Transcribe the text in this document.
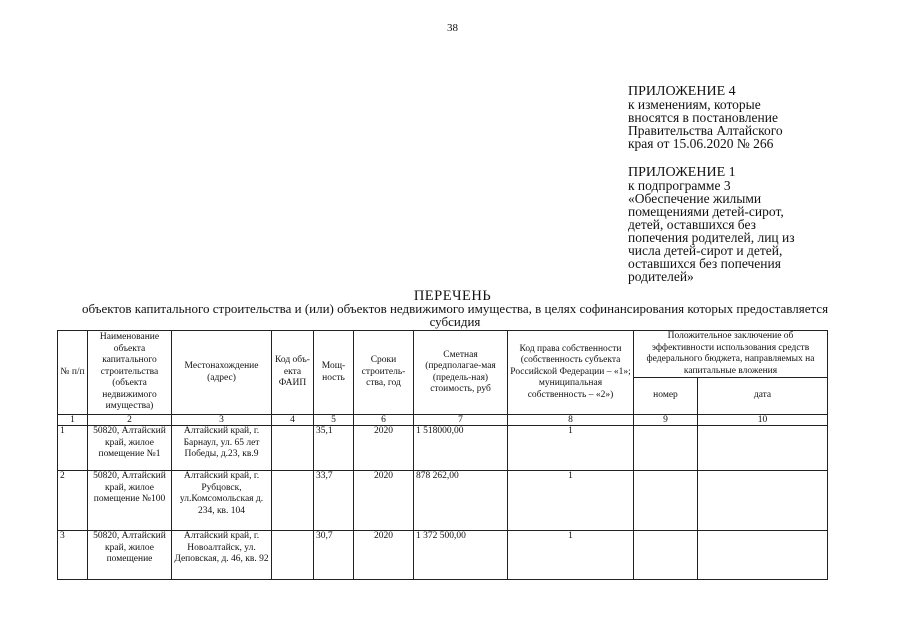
38
ПРИЛОЖЕНИЕ 4
к изменениям, которые
вносятся в постановление
Правительства Алтайского
края от 15.06.2020 № 266
ПРИЛОЖЕНИЕ 1
к подпрограмме 3
«Обеспечение жилыми
помещениями детей-сирот,
детей, оставшихся без
попечения родителей, лиц из
числа детей-сирот и детей,
оставшихся без попечения
родителей»
ПЕРЕЧЕНЬ
объектов капитального строительства и (или) объектов недвижимого имущества, в целях софинансирования которых предоставляется субсидия
№ п/п	Наименование объекта капитального строительства (объекта недвижимого имущества)	Местонахождение (адрес)	Код объ-екта ФАИП	Мощ-ность	Сроки строитель-ства, год	Сметная (предполагае-мая (предель-ная) стоимость, руб	Код права собственности (собственность субъекта Российской Федерации – «1»; муниципальная собственность – «2»)	Положительное заключение об эффективности использования средств федерального бюджета, направляемых на капитальные вложения	
								номер	дата
1	2	3	4	5	6	7	8	9	10
1	50820, Алтайский край, жилое помещение №1	Алтайский край, г. Барнаул, ул. 65 лет Победы, д.23, кв.9		35,1	2020	1 518000,00	1		
2	50820, Алтайский край, жилое помещение №100	Алтайский край, г. Рубцовск, ул.Комсомольская д. 234, кв. 104		33,7	2020	878 262,00	1		
3	50820, Алтайский край, жилое помещение	Алтайский край, г. Новоалтайск, ул. Деповская, д. 46, кв. 92		30,7	2020	1 372 500,00	1		
